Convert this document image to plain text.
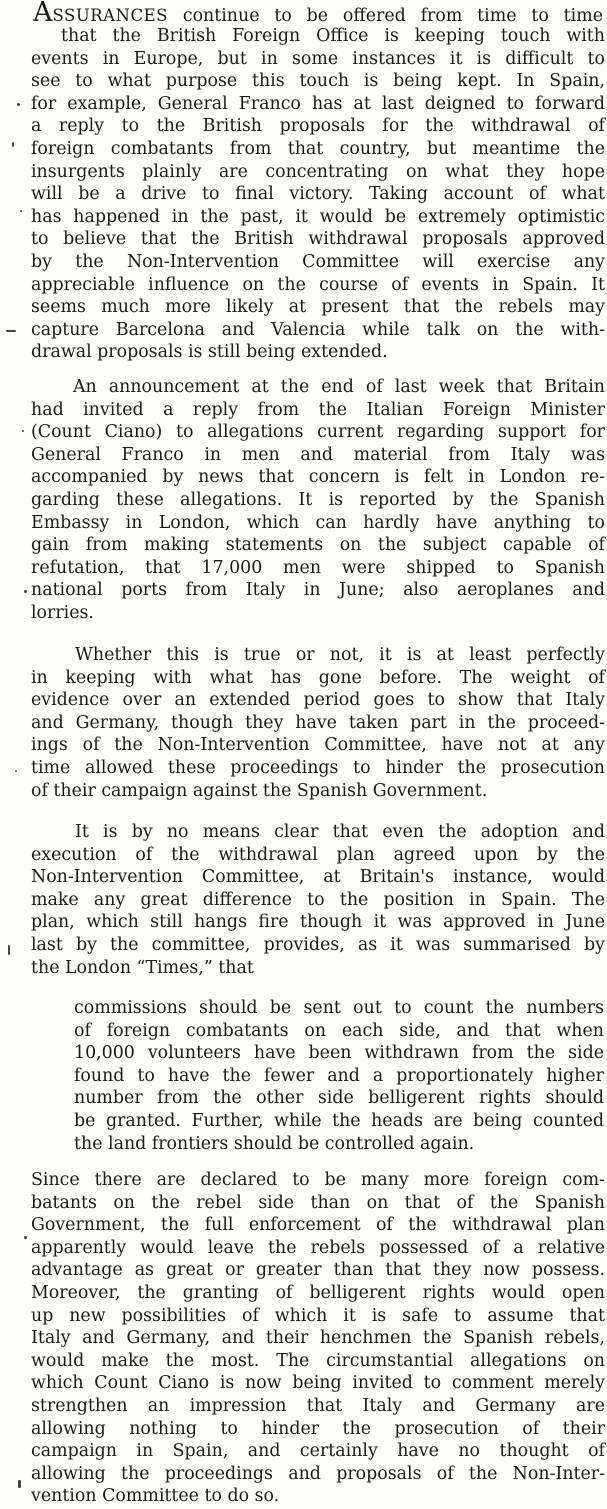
ASSURANCES continue to be offered from time to time
that the British Foreign Office is keeping touch with
events in Europe, but in some instances it is difficult to
see to what purpose this touch is being kept. In Spain,
for example, General Franco has at last deigned to forward
a reply to the British proposals for the withdrawal of
foreign combatants from that country, but meantime the
insurgents plainly are concentrating on what they hope
will be a drive to final victory. Taking account of what
has happened in the past, it would be extremely optimistic
to believe that the British withdrawal proposals approved
by the Non-Intervention Committee will exercise any
appreciable influence on the course of events in Spain. It
seems much more likely at present that the rebels may
capture Barcelona and Valencia while talk on the with-
drawal proposals is still being extended.
An announcement at the end of last week that Britain
had invited a reply from the Italian Foreign Minister
(Count Ciano) to allegations current regarding support for
General Franco in men and material from Italy was
accompanied by news that concern is felt in London re-
garding these allegations. It is reported by the Spanish
Embassy in London, which can hardly have anything to
gain from making statements on the subject capable of
refutation, that 17,000 men were shipped to Spanish
national ports from Italy in June; also aeroplanes and
lorries.
Whether this is true or not, it is at least perfectly
in keeping with what has gone before. The weight of
evidence over an extended period goes to show that Italy
and Germany, though they have taken part in the proceed-
ings of the Non-Intervention Committee, have not at any
time allowed these proceedings to hinder the prosecution
of their campaign against the Spanish Government.
It is by no means clear that even the adoption and
execution of the withdrawal plan agreed upon by the
Non-Intervention Committee, at Britain's instance, would
make any great difference to the position in Spain. The
plan, which still hangs fire though it was approved in June
last by the committee, provides, as it was summarised by
the London “Times,” that
commissions should be sent out to count the numbers
of foreign combatants on each side, and that when
10,000 volunteers have been withdrawn from the side
found to have the fewer and a proportionately higher
number from the other side belligerent rights should
be granted. Further, while the heads are being counted
the land frontiers should be controlled again.
Since there are declared to be many more foreign com-
batants on the rebel side than on that of the Spanish
Government, the full enforcement of the withdrawal plan
apparently would leave the rebels possessed of a relative
advantage as great or greater than that they now possess.
Moreover, the granting of belligerent rights would open
up new possibilities of which it is safe to assume that
Italy and Germany, and their henchmen the Spanish rebels,
would make the most. The circumstantial allegations on
which Count Ciano is now being invited to comment merely
strengthen an impression that Italy and Germany are
allowing nothing to hinder the prosecution of their
campaign in Spain, and certainly have no thought of
allowing the proceedings and proposals of the Non-Inter-
vention Committee to do so.
